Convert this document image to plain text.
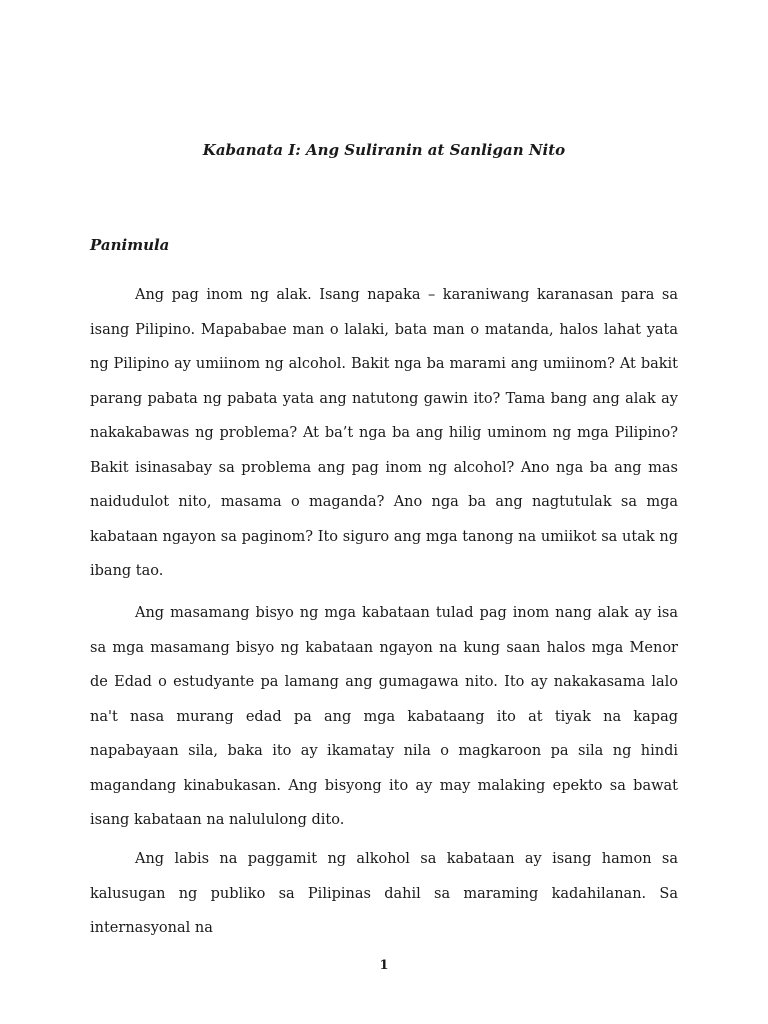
Kabanata I: Ang Suliranin at Sanligan Nito
Panimula

Ang pag inom ng alak. Isang napaka – karaniwang karanasan para sa isang Pilipino. Mapababae man o lalaki, bata man o matanda, halos lahat yata ng Pilipino ay umiinom ng alcohol. Bakit nga ba marami ang umiinom? At bakit parang pabata ng pabata yata ang natutong gawin ito? Tama bang ang alak ay nakakabawas ng problema? At ba’t nga ba ang hilig uminom ng mga Pilipino? Bakit isinasabay sa problema ang pag inom ng alcohol? Ano nga ba ang mas naidudulot nito, masama o maganda? Ano nga ba ang nagtutulak sa mga kabataan ngayon sa paginom? Ito siguro ang mga tanong na umiikot sa utak ng ibang tao.

Ang masamang bisyo ng mga kabataan tulad pag inom nang alak ay isa sa mga masamang bisyo ng kabataan ngayon na kung saan halos mga Menor de Edad o estudyante pa lamang ang gumagawa nito. Ito ay nakakasama lalo na't nasa murang edad pa ang mga kabataang ito at tiyak na kapag napabayaan sila, baka ito ay ikamatay nila o magkaroon pa sila ng hindi magandang kinabukasan. Ang bisyong ito ay may malaking epekto sa bawat isang kabataan na nalululong dito.

Ang labis na paggamit ng alkohol sa kabataan ay isang hamon sa kalusugan ng publiko sa Pilipinas dahil sa maraming kadahilanan. Sa internasyonal na

1
